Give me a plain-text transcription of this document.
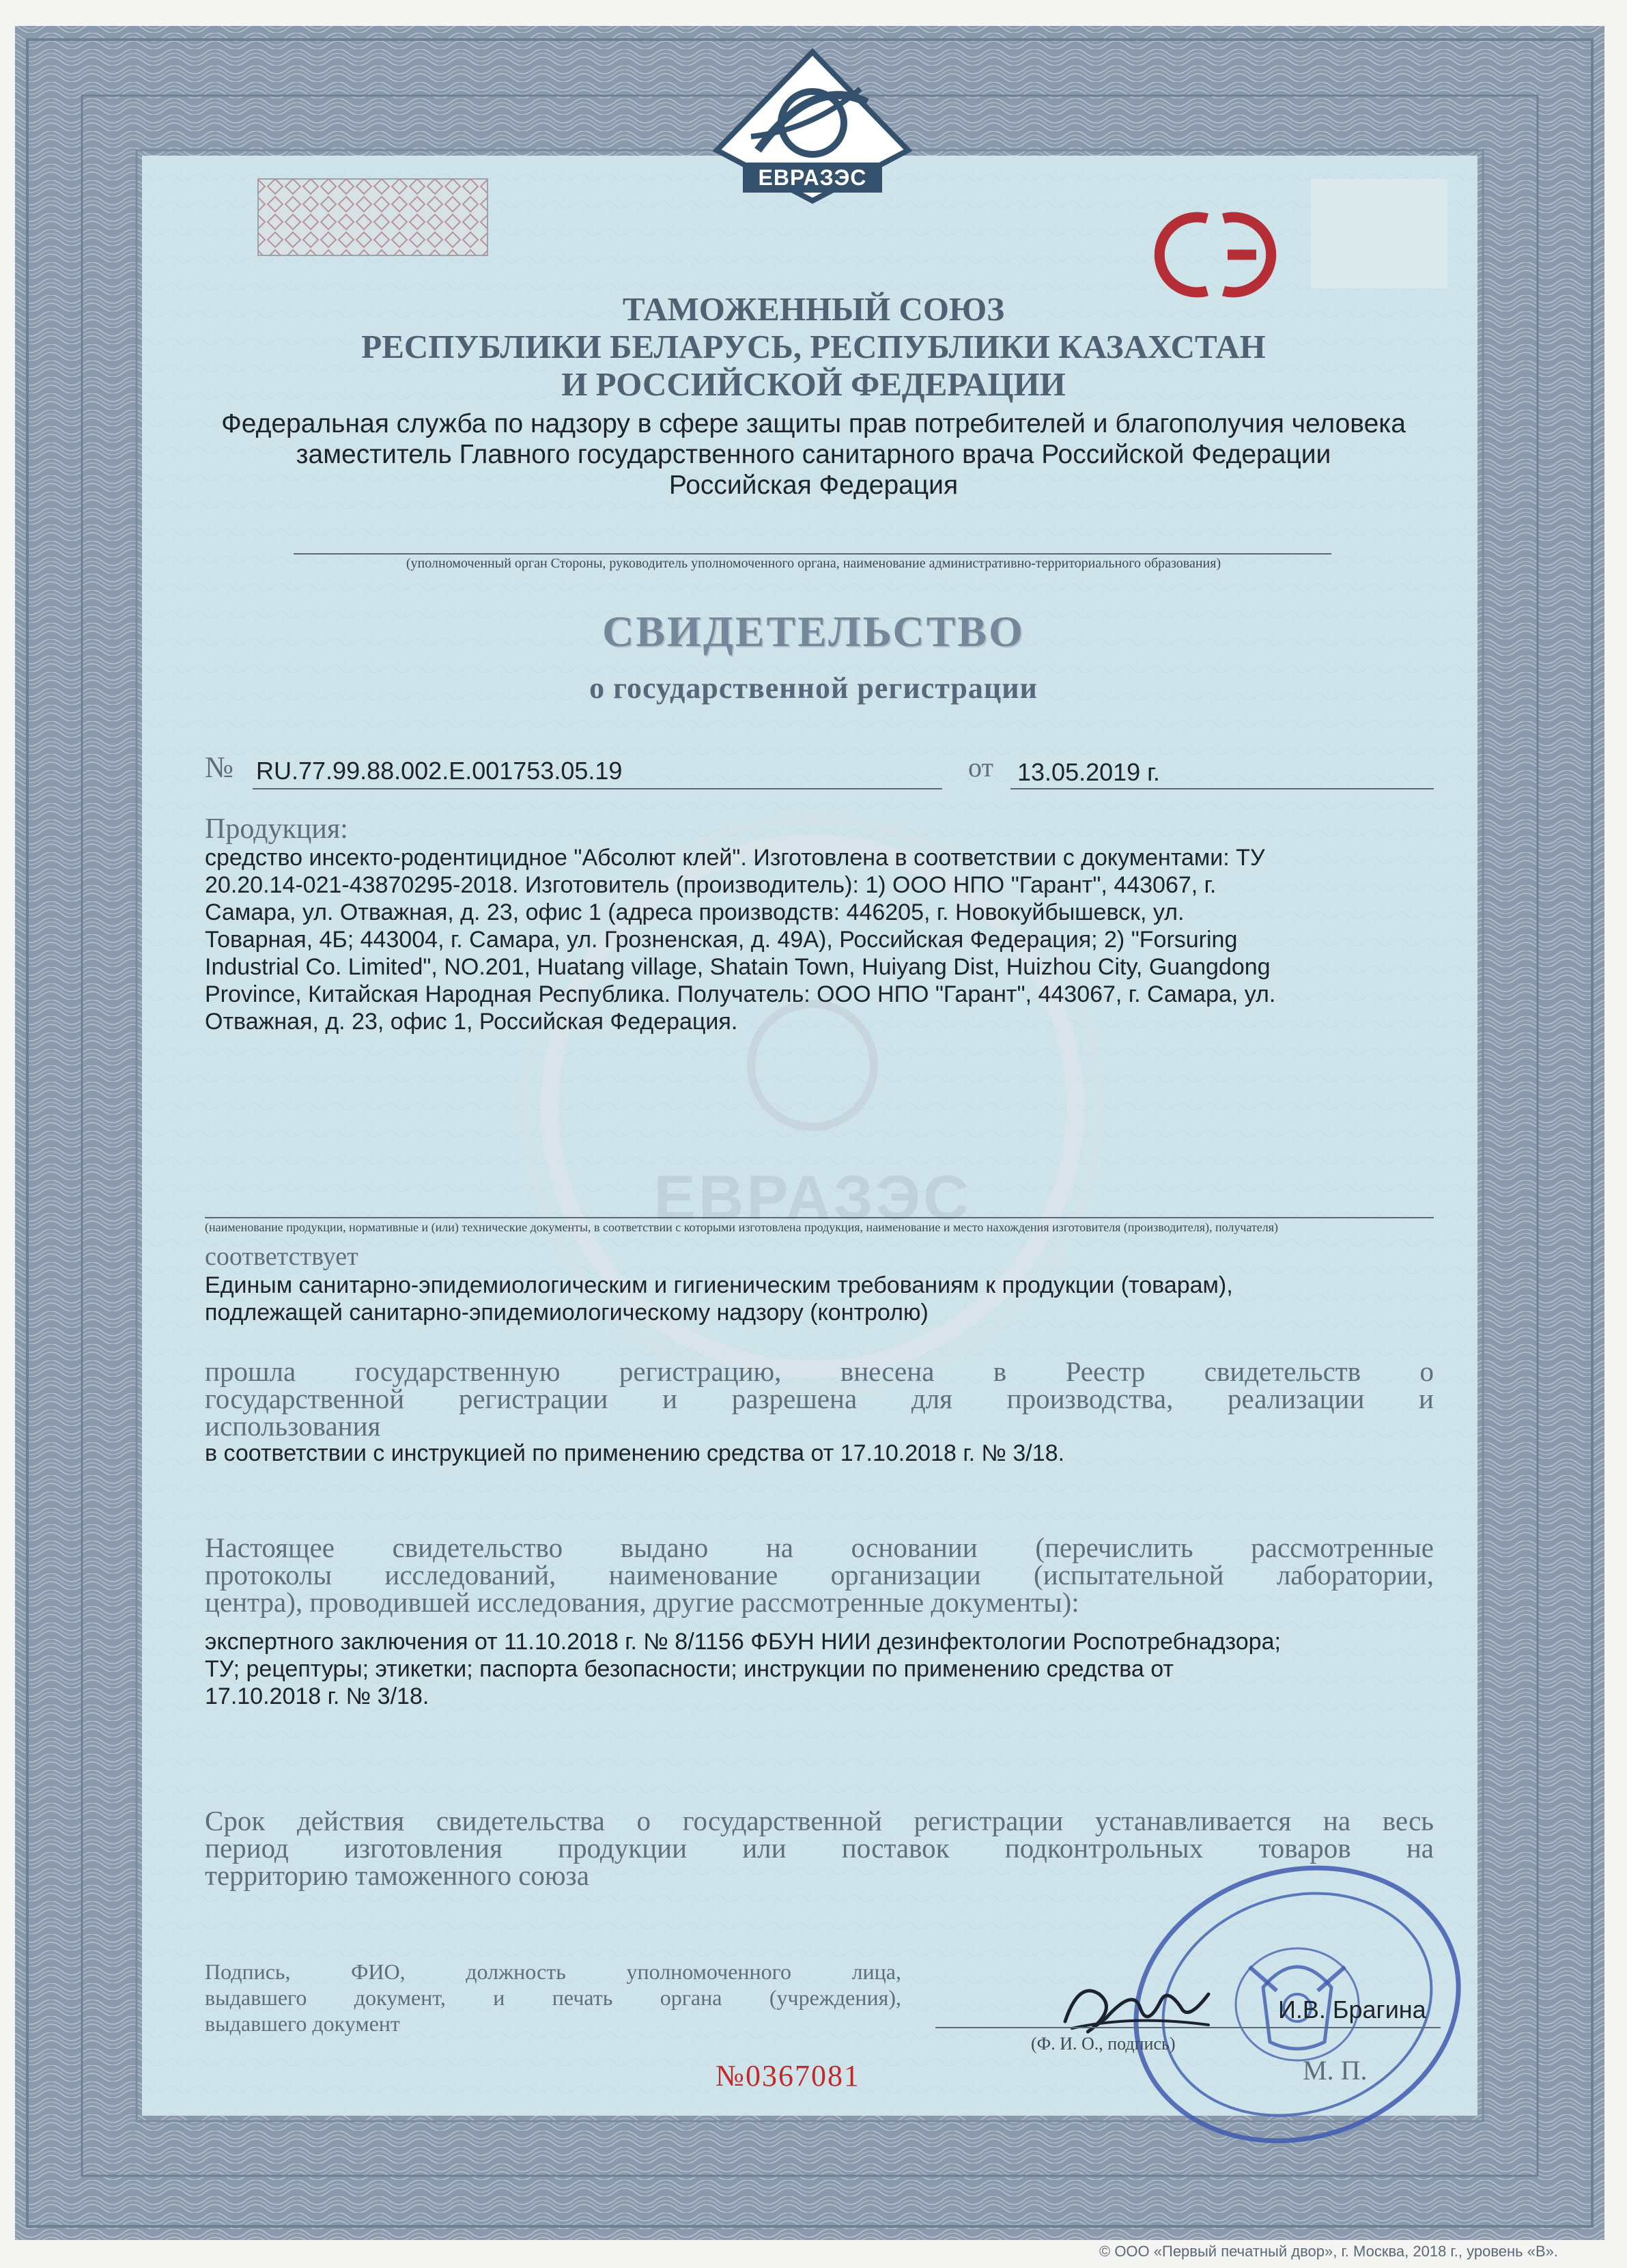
ЕВРАЗЭС
ЕВРАЗЭС
ТАМОЖЕННЫЙ СОЮЗ
РЕСПУБЛИКИ БЕЛАРУСЬ, РЕСПУБЛИКИ КАЗАХСТАН
И РОССИЙСКОЙ ФЕДЕРАЦИИ
Федеральная служба по надзору в сфере защиты прав потребителей и благополучия человека
заместитель Главного государственного санитарного врача Российской Федерации
Российская Федерация
(уполномоченный орган Стороны, руководитель уполномоченного органа, наименование административно-территориального образования)
СВИДЕТЕЛЬСТВО
о государственной регистрации
№ RU.77.99.88.002.E.001753.05.19	от 13.05.2019 г.
Продукция:
средство инсекто-родентицидное "Абсолют клей". Изготовлена в соответствии с документами: ТУ
20.20.14-021-43870295-2018. Изготовитель (производитель): 1) ООО НПО "Гарант", 443067, г.
Самара, ул. Отважная, д. 23, офис 1 (адреса производств: 446205, г. Новокуйбышевск, ул.
Товарная, 4Б; 443004, г. Самара, ул. Грозненская, д. 49А), Российская Федерация; 2) "Forsuring
Industrial Co. Limited", NO.201, Huatang village, Shatain Town, Huiyang Dist, Huizhou City, Guangdong
Province, Китайская Народная Республика. Получатель: ООО НПО "Гарант", 443067, г. Самара, ул.
Отважная, д. 23, офис 1, Российская Федерация.
(наименование продукции, нормативные и (или) технические документы, в соответствии с которыми изготовлена продукция, наименование и место нахождения изготовителя (производителя), получателя)
соответствует
Единым санитарно-эпидемиологическим и гигиеническим требованиям к продукции (товарам),
подлежащей санитарно-эпидемиологическому надзору (контролю)
прошла государственную регистрацию, внесена в Реестр свидетельств о
государственной регистрации и разрешена для производства, реализации и
использования
в соответствии с инструкцией по применению средства от 17.10.2018 г. № 3/18.
Настоящее свидетельство выдано на основании (перечислить рассмотренные
протоколы исследований, наименование организации (испытательной лаборатории,
центра), проводившей исследования, другие рассмотренные документы):
экспертного заключения от 11.10.2018 г. № 8/1156 ФБУН НИИ дезинфектологии Роспотребнадзора;
ТУ; рецептуры; этикетки; паспорта безопасности; инструкции по применению средства от
17.10.2018 г. № 3/18.
Срок действия свидетельства о государственной регистрации устанавливается на весь
период изготовления продукции или поставок подконтрольных товаров на
территорию таможенного союза
Подпись, ФИО, должность уполномоченного лица,
выдавшего документ, и печать органа (учреждения),
выдавшего документ	И.В. Брагина
(Ф. И. О., подпись)
М. П.
№0367081
© ООО «Первый печатный двор», г. Москва, 2018 г., уровень «В».
